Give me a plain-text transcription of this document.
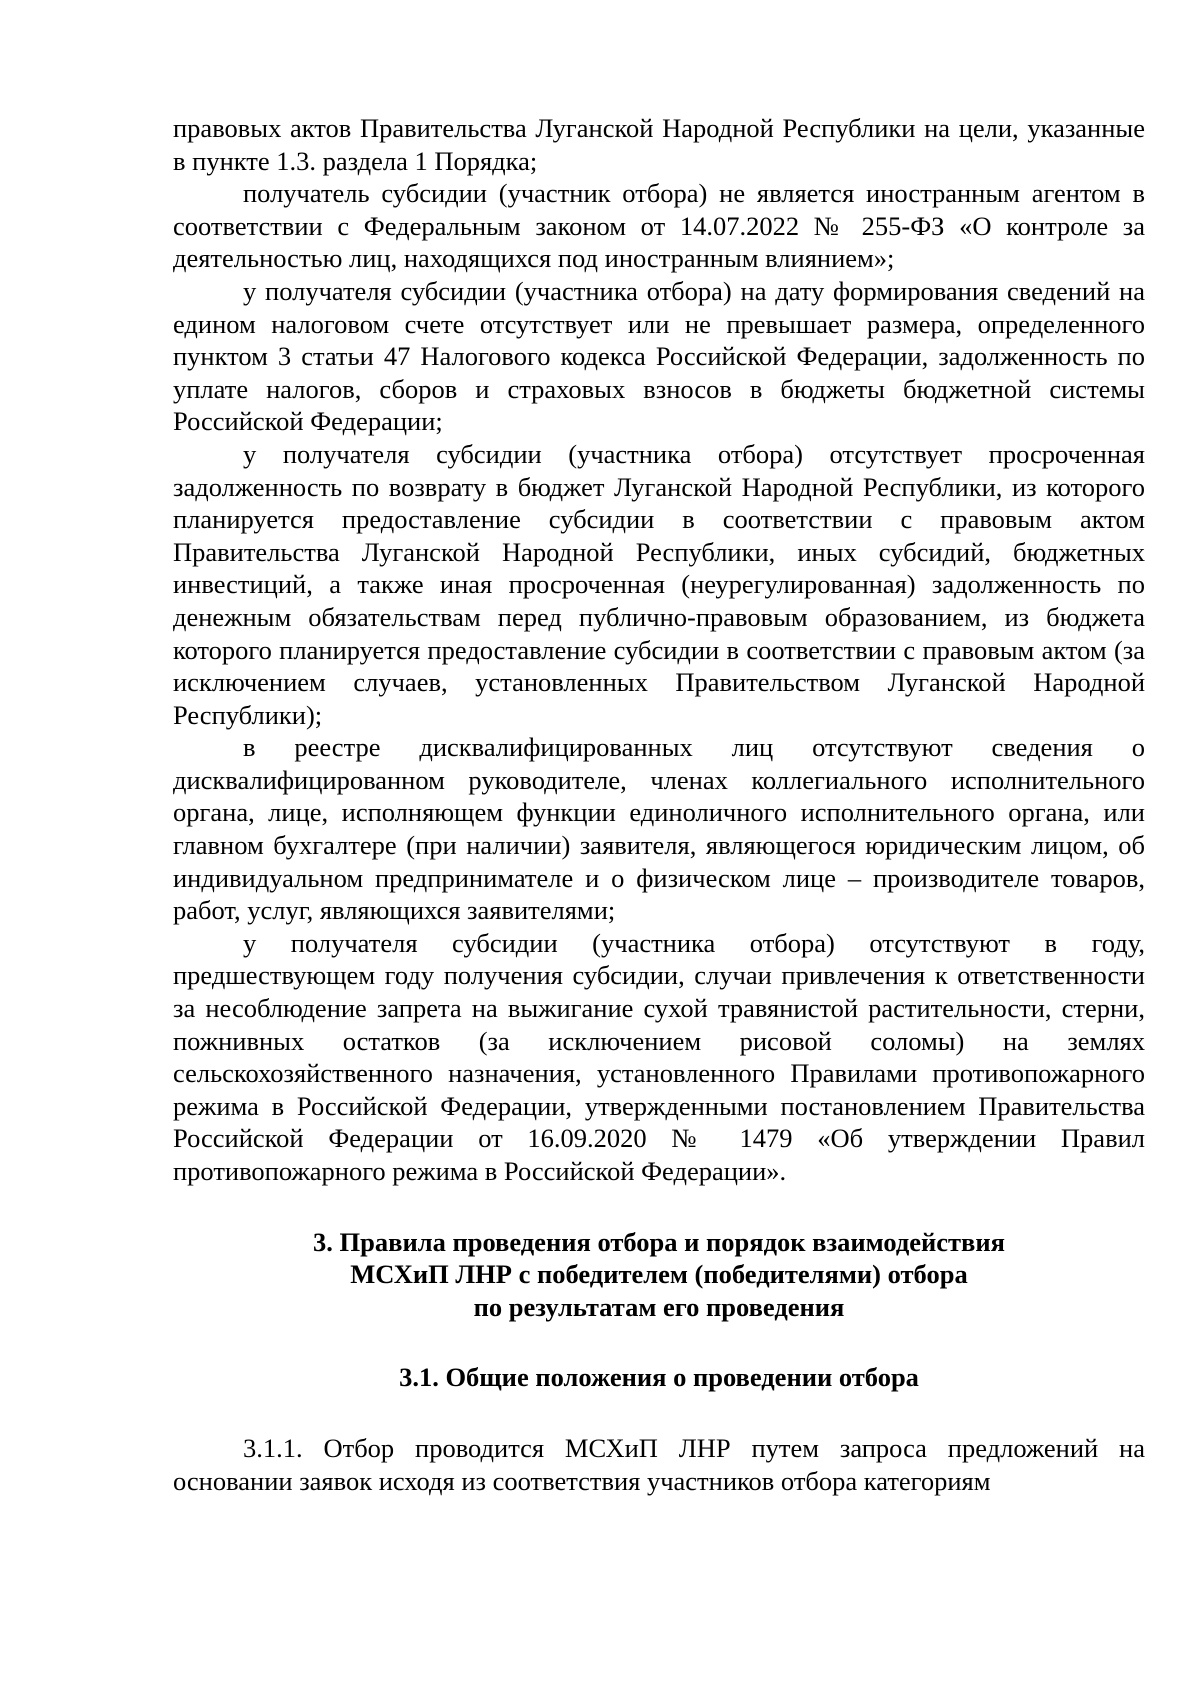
правовых актов Правительства Луганской Народной Республики на цели, указанные в пункте 1.3. раздела 1 Порядка;

получатель субсидии (участник отбора) не является иностранным агентом в соответствии с Федеральным законом от 14.07.2022 № 255-ФЗ «О контроле за деятельностью лиц, находящихся под иностранным влиянием»;

у получателя субсидии (участника отбора) на дату формирования сведений на едином налоговом счете отсутствует или не превышает размера, определенного пунктом 3 статьи 47 Налогового кодекса Российской Федерации, задолженность по уплате налогов, сборов и страховых взносов в бюджеты бюджетной системы Российской Федерации;

у получателя субсидии (участника отбора) отсутствует просроченная задолженность по возврату в бюджет Луганской Народной Республики, из которого планируется предоставление субсидии в соответствии с правовым актом Правительства Луганской Народной Республики, иных субсидий, бюджетных инвестиций, а также иная просроченная (неурегулированная) задолженность по денежным обязательствам перед публично-правовым образованием, из бюджета которого планируется предоставление субсидии в соответствии с правовым актом (за исключением случаев, установленных Правительством Луганской Народной Республики);

в реестре дисквалифицированных лиц отсутствуют сведения о дисквалифицированном руководителе, членах коллегиального исполнительного органа, лице, исполняющем функции единоличного исполнительного органа, или главном бухгалтере (при наличии) заявителя, являющегося юридическим лицом, об индивидуальном предпринимателе и о физическом лице – производителе товаров, работ, услуг, являющихся заявителями;

у получателя субсидии (участника отбора) отсутствуют в году, предшествующем году получения субсидии, случаи привлечения к ответственности за несоблюдение запрета на выжигание сухой травянистой растительности, стерни, пожнивных остатков (за исключением рисовой соломы) на землях сельскохозяйственного назначения, установленного Правилами противопожарного режима в Российской Федерации, утвержденными постановлением Правительства Российской Федерации от 16.09.2020 № 1479 «Об утверждении Правил противопожарного режима в Российской Федерации».

3. Правила проведения отбора и порядок взаимодействия

МСХиП ЛНР с победителем (победителями) отбора

по результатам его проведения

3.1. Общие положения о проведении отбора

3.1.1. Отбор проводится МСХиП ЛНР путем запроса предложений на основании заявок исходя из соответствия участников отбора категориям
